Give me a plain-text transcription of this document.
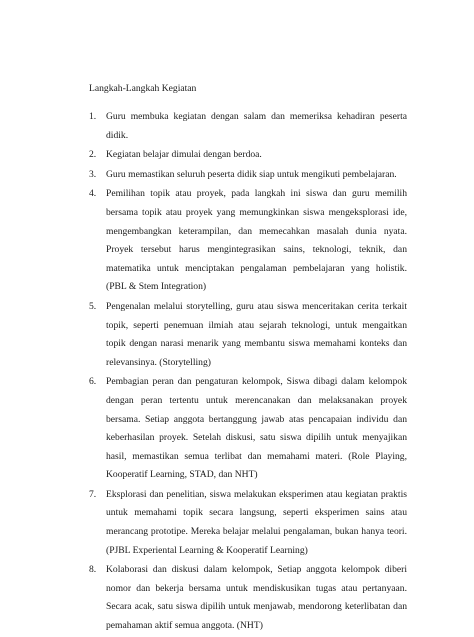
Langkah-Langkah Kegiatan
1. Guru membuka kegiatan dengan salam dan memeriksa kehadiran peserta didik.
2. Kegiatan belajar dimulai dengan berdoa.
3. Guru memastikan seluruh peserta didik siap untuk mengikuti pembelajaran.
4. Pemilihan topik atau proyek, pada langkah ini siswa dan guru memilih bersama topik atau proyek yang memungkinkan siswa mengeksplorasi ide, mengembangkan keterampilan, dan memecahkan masalah dunia nyata. Proyek tersebut harus mengintegrasikan sains, teknologi, teknik, dan matematika untuk menciptakan pengalaman pembelajaran yang holistik. (PBL & Stem Integration)
5. Pengenalan melalui storytelling, guru atau siswa menceritakan cerita terkait topik, seperti penemuan ilmiah atau sejarah teknologi, untuk mengaitkan topik dengan narasi menarik yang membantu siswa memahami konteks dan relevansinya. (Storytelling)
6. Pembagian peran dan pengaturan kelompok, Siswa dibagi dalam kelompok dengan peran tertentu untuk merencanakan dan melaksanakan proyek bersama. Setiap anggota bertanggung jawab atas pencapaian individu dan keberhasilan proyek. Setelah diskusi, satu siswa dipilih untuk menyajikan hasil, memastikan semua terlibat dan memahami materi. (Role Playing, Kooperatif Learning, STAD, dan NHT)
7. Eksplorasi dan penelitian, siswa melakukan eksperimen atau kegiatan praktis untuk memahami topik secara langsung, seperti eksperimen sains atau merancang prototipe. Mereka belajar melalui pengalaman, bukan hanya teori. (PJBL Experiental Learning & Kooperatif Learning)
8. Kolaborasi dan diskusi dalam kelompok, Setiap anggota kelompok diberi nomor dan bekerja bersama untuk mendiskusikan tugas atau pertanyaan. Secara acak, satu siswa dipilih untuk menjawab, mendorong keterlibatan dan pemahaman aktif semua anggota. (NHT)
